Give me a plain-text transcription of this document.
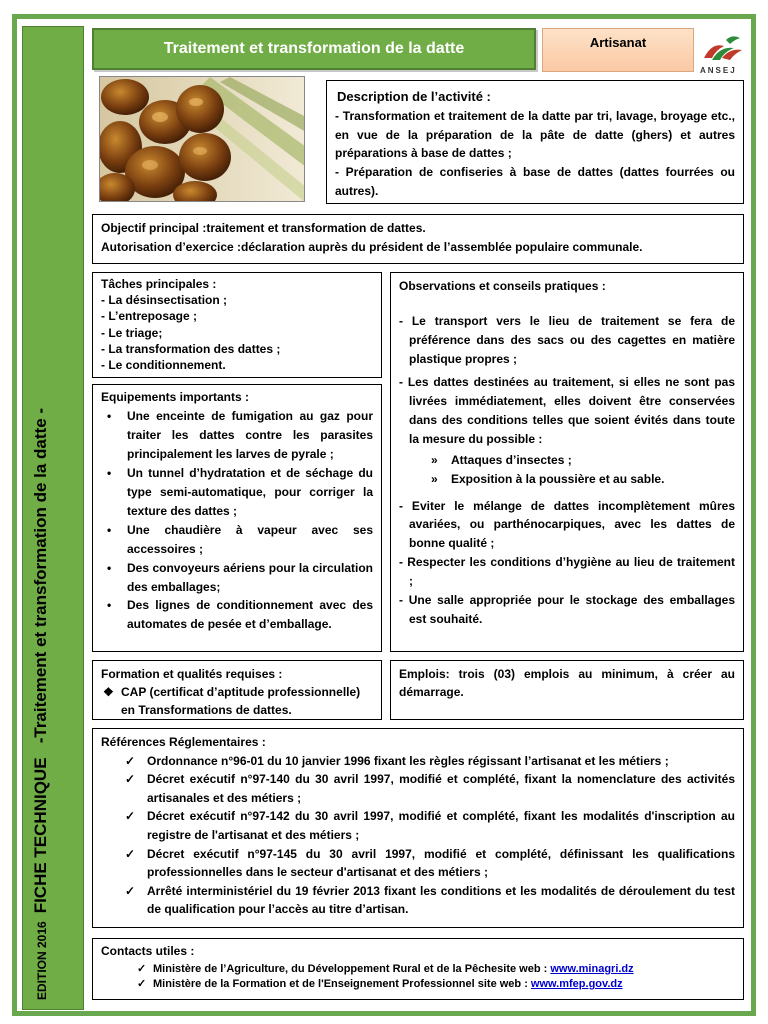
EDITION 2016
FICHE TECHNIQUE   -Traitement et transformation de la datte -
Traitement et transformation de la datte	Artisanat
ANSEJ
Description de l’activité :
- Transformation et traitement de la datte par tri, lavage, broyage etc., en vue de la préparation de la pâte de datte (ghers) et autres préparations à base de dattes ;
- Préparation de confiseries à base de dattes (dattes fourrées ou autres).
Objectif principal :traitement et transformation de dattes.
Autorisation d’exercice :déclaration auprès du président de l’assemblée populaire communale.
Tâches principales :
- La désinsectisation ;
- L’entreposage ;
- Le triage;
- La transformation des dattes ;
- Le conditionnement.
Equipements importants :
• Une enceinte de fumigation au gaz pour traiter les dattes contre les parasites principalement les larves de pyrale ;
• Un tunnel d’hydratation et de séchage du type semi-automatique, pour corriger la texture des dattes ;
• Une chaudière à vapeur avec ses accessoires ;
• Des convoyeurs aériens pour la circulation des emballages;
• Des lignes de conditionnement avec des automates de pesée et d’emballage.
Observations et conseils pratiques :
- Le transport vers le lieu de traitement se fera de préférence dans des sacs ou des cagettes en matière plastique propres ;
- Les dattes destinées au traitement, si elles ne sont pas livrées immédiatement, elles doivent être conservées dans des conditions telles que soient évités dans toute la mesure du possible :
» Attaques d’insectes ;
» Exposition à la poussière et au sable.
- Eviter le mélange de dattes incomplètement mûres avariées, ou parthénocarpiques, avec les dattes de bonne qualité ;
- Respecter les conditions d’hygiène au lieu de traitement ;
- Une salle appropriée pour le stockage des emballages est souhaité.
Formation et qualités requises :
❖ CAP (certificat d’aptitude professionnelle) en Transformations de dattes.
Emplois: trois (03) emplois au minimum, à créer au démarrage.
Références Réglementaires :
✓ Ordonnance n°96-01 du 10 janvier 1996 fixant les règles régissant l’artisanat et les métiers ;
✓ Décret exécutif n°97-140 du 30 avril 1997, modifié et complété, fixant la nomenclature des activités artisanales et des métiers ;
✓ Décret exécutif n°97-142 du 30 avril 1997, modifié et complété, fixant les modalités d'inscription au registre de l'artisanat et des métiers ;
✓ Décret exécutif n°97-145 du 30 avril 1997, modifié et complété, définissant les qualifications professionnelles dans le secteur d'artisanat et des métiers ;
✓ Arrêté interministériel du 19 février 2013 fixant les conditions et les modalités de déroulement du test de qualification pour l’accès au titre d’artisan.
Contacts utiles :
✓ Ministère de l’Agriculture, du Développement Rural et de la Pêchesite web : www.minagri.dz
✓ Ministère de la Formation et de l'Enseignement Professionnel site web : www.mfep.gov.dz
